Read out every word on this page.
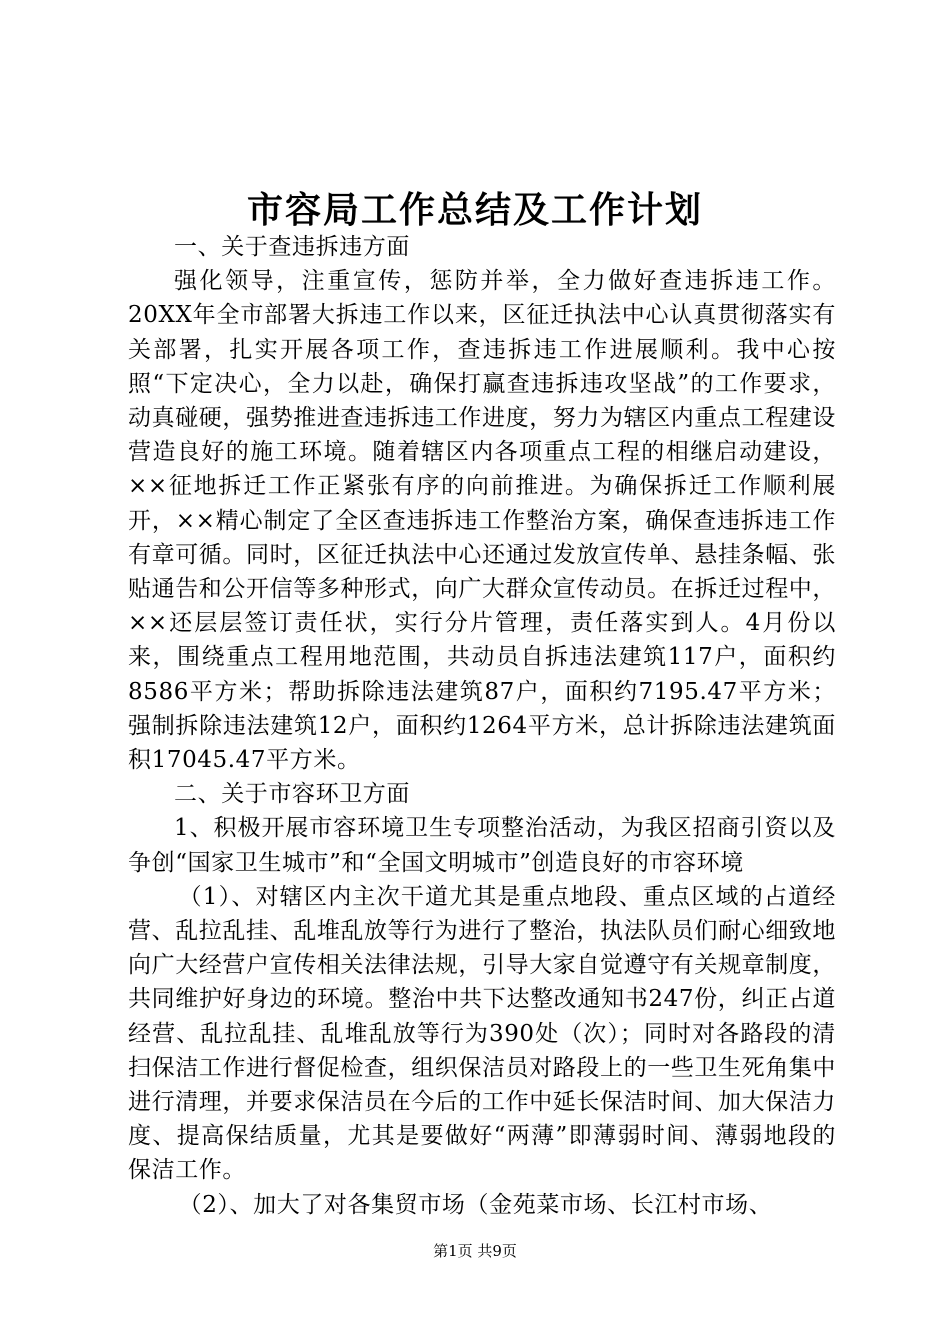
市容局工作总结及工作计划

一、关于查违拆违方面

强化领导，注重宣传，惩防并举，全力做好查违拆违工作。20XX年全市部署大拆违工作以来，区征迁执法中心认真贯彻落实有关部署，扎实开展各项工作，查违拆违工作进展顺利。我中心按照“下定决心，全力以赴，确保打赢查违拆违攻坚战”的工作要求，动真碰硬，强势推进查违拆违工作进度，努力为辖区内重点工程建设营造良好的施工环境。随着辖区内各项重点工程的相继启动建设，××征地拆迁工作正紧张有序的向前推进。为确保拆迁工作顺利展开，××精心制定了全区查违拆违工作整治方案，确保查违拆违工作有章可循。同时，区征迁执法中心还通过发放宣传单、悬挂条幅、张贴通告和公开信等多种形式，向广大群众宣传动员。在拆迁过程中，××还层层签订责任状，实行分片管理，责任落实到人。4月份以来，围绕重点工程用地范围，共动员自拆违法建筑117户，面积约8586平方米；帮助拆除违法建筑87户，面积约7195.47平方米；强制拆除违法建筑12户，面积约1264平方米，总计拆除违法建筑面积17045.47平方米。

二、关于市容环卫方面

1、积极开展市容环境卫生专项整治活动，为我区招商引资以及争创“国家卫生城市”和“全国文明城市”创造良好的市容环境

（1）、对辖区内主次干道尤其是重点地段、重点区域的占道经营、乱拉乱挂、乱堆乱放等行为进行了整治，执法队员们耐心细致地向广大经营户宣传相关法律法规，引导大家自觉遵守有关规章制度，共同维护好身边的环境。整治中共下达整改通知书247份，纠正占道经营、乱拉乱挂、乱堆乱放等行为390处（次）；同时对各路段的清扫保洁工作进行督促检查，组织保洁员对路段上的一些卫生死角集中进行清理，并要求保洁员在今后的工作中延长保洁时间、加大保洁力度、提高保结质量，尤其是要做好“两薄”即薄弱时间、薄弱地段的保洁工作。

（2）、加大了对各集贸市场（金苑菜市场、长江村市场、

第1页 共9页
